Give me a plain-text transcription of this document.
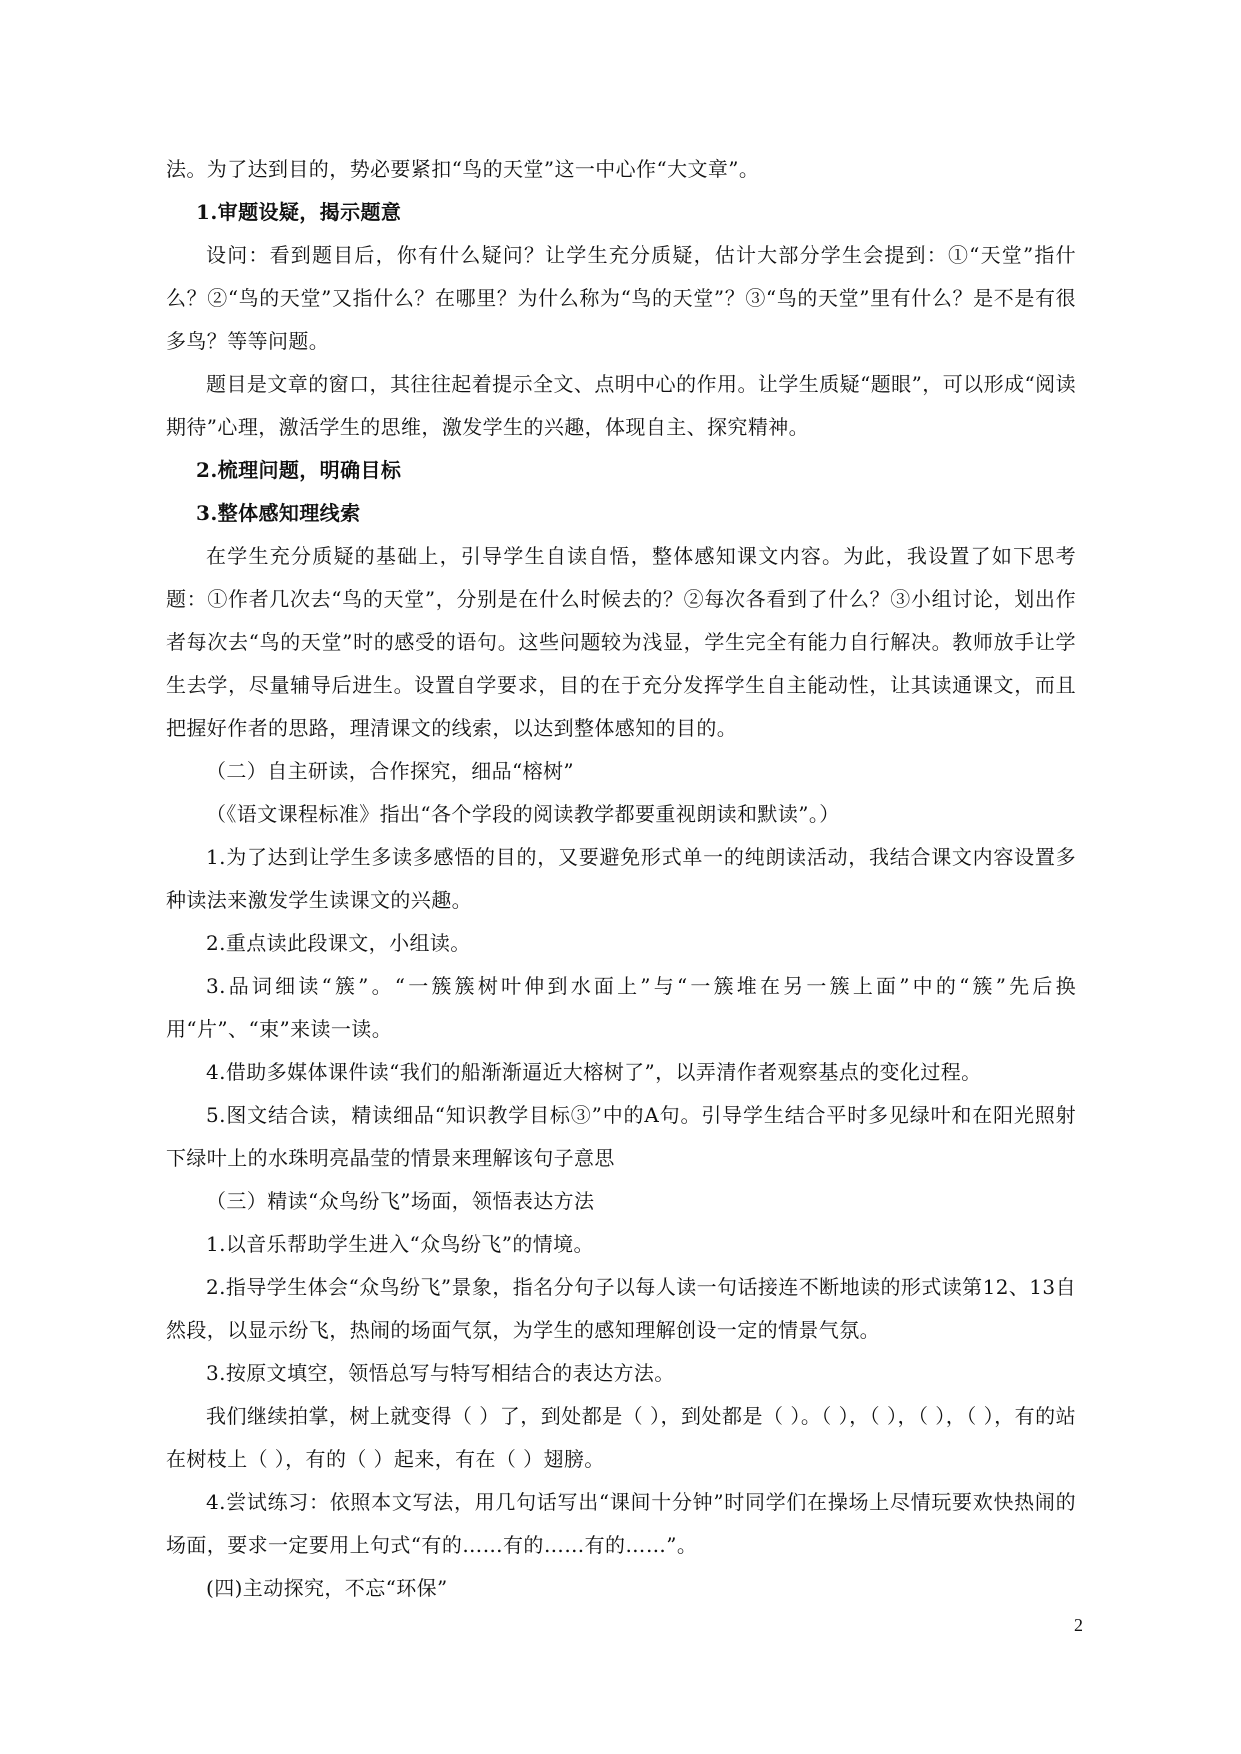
法。为了达到目的，势必要紧扣“鸟的天堂”这一中心作“大文章”。

1.审题设疑，揭示题意

设问：看到题目后，你有什么疑问？让学生充分质疑，估计大部分学生会提到：①“天堂”指什么？②“鸟的天堂”又指什么？在哪里？为什么称为“鸟的天堂”？③“鸟的天堂”里有什么？是不是有很多鸟？等等问题。

题目是文章的窗口，其往往起着提示全文、点明中心的作用。让学生质疑“题眼”，可以形成“阅读期待”心理，激活学生的思维，激发学生的兴趣，体现自主、探究精神。

2.梳理问题，明确目标

3.整体感知理线索

在学生充分质疑的基础上，引导学生自读自悟，整体感知课文内容。为此，我设置了如下思考题：①作者几次去“鸟的天堂”，分别是在什么时候去的？②每次各看到了什么？③小组讨论，划出作者每次去“鸟的天堂”时的感受的语句。这些问题较为浅显，学生完全有能力自行解决。教师放手让学生去学，尽量辅导后进生。设置自学要求，目的在于充分发挥学生自主能动性，让其读通课文，而且把握好作者的思路，理清课文的线索，以达到整体感知的目的。

（二）自主研读，合作探究，细品“榕树”

（《语文课程标准》指出“各个学段的阅读教学都要重视朗读和默读”。）

1.为了达到让学生多读多感悟的目的，又要避免形式单一的纯朗读活动，我结合课文内容设置多种读法来激发学生读课文的兴趣。

2.重点读此段课文，小组读。

3.品词细读“簇”。“一簇簇树叶伸到水面上”与“一簇堆在另一簇上面”中的“簇”先后换用“片”、“束”来读一读。

4.借助多媒体课件读“我们的船渐渐逼近大榕树了”，以弄清作者观察基点的变化过程。

5.图文结合读，精读细品“知识教学目标③”中的A句。引导学生结合平时多见绿叶和在阳光照射下绿叶上的水珠明亮晶莹的情景来理解该句子意思

（三）精读“众鸟纷飞”场面，领悟表达方法

1.以音乐帮助学生进入“众鸟纷飞”的情境。

2.指导学生体会“众鸟纷飞”景象，指名分句子以每人读一句话接连不断地读的形式读第12、13自然段，以显示纷飞，热闹的场面气氛，为学生的感知理解创设一定的情景气氛。

3.按原文填空，领悟总写与特写相结合的表达方法。

我们继续拍掌，树上就变得（ ）了，到处都是（ ），到处都是（ ）。（ ），（ ），（ ），（ ），有的站在树枝上（ ），有的（ ）起来，有在（ ）翅膀。

4.尝试练习：依照本文写法，用几句话写出“课间十分钟”时同学们在操场上尽情玩要欢快热闹的场面，要求一定要用上句式“有的……有的……有的……”。

(四)主动探究，不忘“环保”

2
